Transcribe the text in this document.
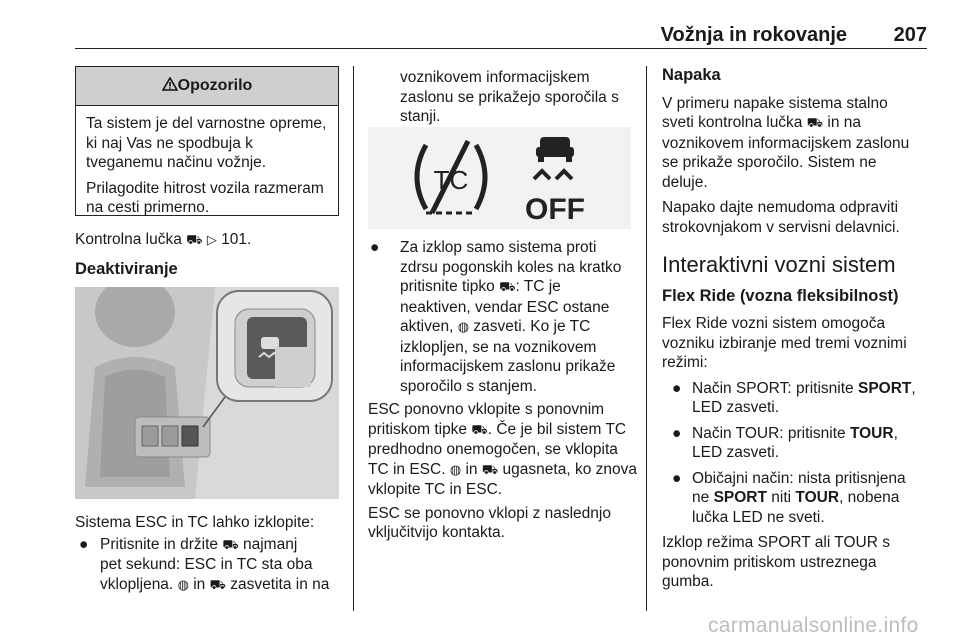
Vožnja in rokovanje 207
Opozorilo

Ta sistem je del varnostne opreme, ki naj Vas ne spodbuja k tveganemu načinu vožnje.

Prilagodite hitrost vozila razmeram na cesti primerno.

Kontrolna lučka ⛟ ▷ 101.
Deaktiviranje

Sistema ESC in TC lahko izklopite:

● Pritisnite in držite ⛟ najmanj
pet sekund: ESC in TC sta oba
vklopljena. ◍ in ⛟ zasvetita in na
voznikovem informacijskem
zaslonu se prikažejo sporočila s
stanji.
TC
OFF
● Za izklop samo sistema proti
zdrsu pogonskih koles na kratko
pritisnite tipko ⛟: TC je
neaktiven, vendar ESC ostane
aktiven, ◍ zasveti. Ko je TC
izklopljen, se na voznikovem
informacijskem zaslonu prikaže
sporočilo s stanjem.

ESC ponovno vklopite s ponovnim
pritiskom tipke ⛟. Če je bil sistem TC
predhodno onemogočen, se vklopita
TC in ESC. ◍ in ⛟ ugasneta, ko znova
vklopite TC in ESC.

ESC se ponovno vklopi z naslednjo
vključitvijo kontakta.

Napaka

V primeru napake sistema stalno
sveti kontrolna lučka ⛟ in na
voznikovem informacijskem zaslonu
se prikaže sporočilo. Sistem ne
deluje.

Napako dajte nemudoma odpraviti
strokovnjakom v servisni delavnici.

Interaktivni vozni sistem
Flex Ride (vozna fleksibilnost)

Flex Ride vozni sistem omogoča
vozniku izbiranje med tremi voznimi
režimi:

● Način SPORT: pritisnite SPORT,
LED zasveti.
● Način TOUR: pritisnite TOUR,
LED zasveti.
● Običajni način: nista pritisnjena
ne SPORT niti TOUR, nobena
lučka LED ne sveti.

Izklop režima SPORT ali TOUR s
ponovnim pritiskom ustreznega
gumba.

carmanualsonline.info
